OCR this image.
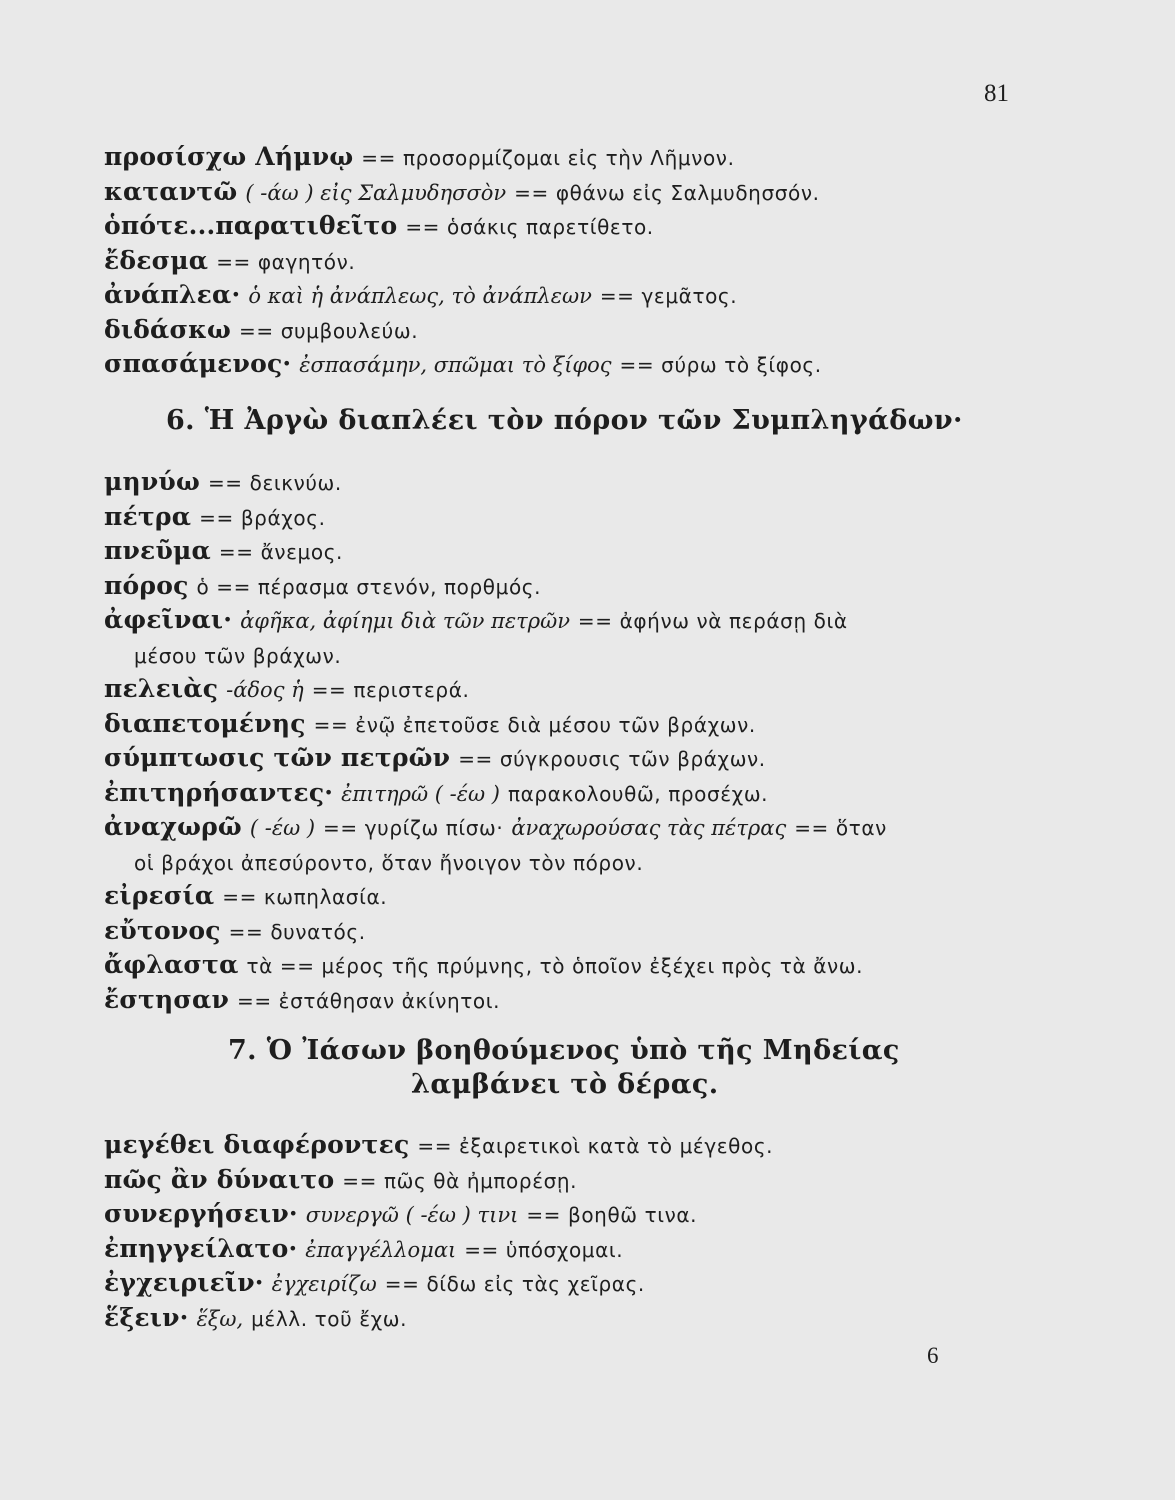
81
προσίσχω Λήμνῳ == προσορμίζομαι εἰς τὴν Λῆμνον.
καταντῶ ( -άω ) εἰς Σαλμυδησσὸν == φθάνω εἰς Σαλμυδησσόν.
ὁπότε...παρατιθεῖτο == ὁσάκις παρετίθετο.
ἔδεσμα == φαγητόν.
ἀνάπλεα· ὁ καὶ ἡ ἀνάπλεως, τὸ ἀνάπλεων == γεμᾶτος.
διδάσκω == συμβουλεύω.
σπασάμενος· ἐσπασάμην, σπῶμαι τὸ ξίφος == σύρω τὸ ξίφος.
6. Ἡ Ἀργὼ διαπλέει τὸν πόρον τῶν Συμπληγάδων·
μηνύω == δεικνύω.
πέτρα == βράχος.
πνεῦμα == ἄνεμος.
πόρος ὁ == πέρασμα στενόν, πορθμός.
ἀφεῖναι· ἀφῆκα, ἀφίημι διὰ τῶν πετρῶν == ἀφήνω νὰ περάσῃ διὰ
μέσου τῶν βράχων.
πελειὰς -άδος ἡ == περιστερά.
διαπετομένης == ἐνῷ ἐπετοῦσε διὰ μέσου τῶν βράχων.
σύμπτωσις τῶν πετρῶν == σύγκρουσις τῶν βράχων.
ἐπιτηρήσαντες· ἐπιτηρῶ ( -έω ) παρακολουθῶ, προσέχω.
ἀναχωρῶ ( -έω ) == γυρίζω πίσω· ἀναχωρούσας τὰς πέτρας == ὅταν
οἱ βράχοι ἀπεσύροντο, ὅταν ἤνοιγον τὸν πόρον.
εἰρεσία == κωπηλασία.
εὔτονος == δυνατός.
ἄφλαστα τὰ == μέρος τῆς πρύμνης, τὸ ὁποῖον ἐξέχει πρὸς τὰ ἄνω.
ἔστησαν == ἐστάθησαν ἀκίνητοι.
7. Ὁ Ἰάσων βοηθούμενος ὑπὸ τῆς Μηδείας
λαμβάνει τὸ δέρας.
μεγέθει διαφέροντες == ἐξαιρετικοὶ κατὰ τὸ μέγεθος.
πῶς ἂν δύναιτο == πῶς θὰ ἠμπορέσῃ.
συνεργήσειν· συνεργῶ ( -έω ) τινι == βοηθῶ τινα.
ἐπηγγείλατο· ἐπαγγέλλομαι == ὑπόσχομαι.
ἐγχειριεῖν· ἐγχειρίζω == δίδω εἰς τὰς χεῖρας.
ἕξειν· ἕξω, μέλλ. τοῦ ἔχω.
6
